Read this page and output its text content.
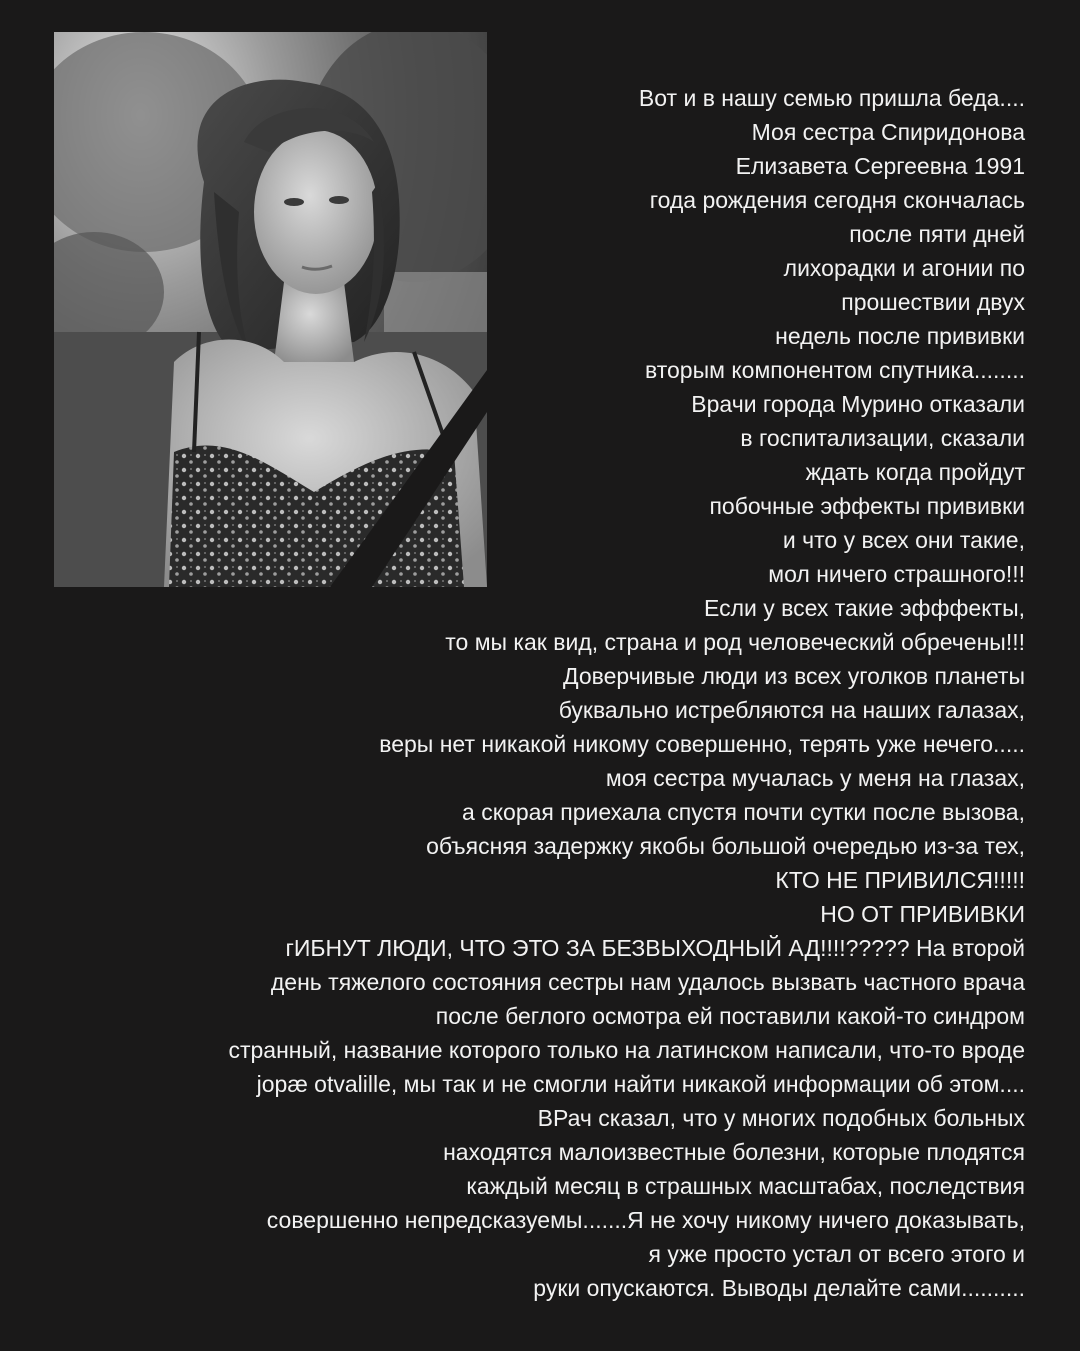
Вот и в нашу семью пришла беда....
Моя сестра Спиридонова
Елизавета Сергеевна 1991
года рождения сегодня скончалась
после пяти дней
лихорадки и агонии по
прошествии двух
недель после прививки
вторым компонентом спутника........
Врачи города Мурино отказали
в госпитализации, сказали
ждать когда пройдут
побочные эффекты прививки
и что у всех они такие,
мол ничего страшного!!!
Если у всех такие эфффекты,
то мы как вид, страна и род человеческий обречены!!!
Доверчивые люди из всех уголков планеты
буквально истребляются на наших галазах,
веры нет никакой никому совершенно, терять уже нечего.....
моя сестра мучалась у меня на глазах,
а скорая приехала спустя почти сутки после вызова,
объясняя задержку якобы большой очередью из-за тех,
КТО НЕ ПРИВИЛСЯ!!!!!
НО ОТ ПРИВИВКИ
гИБНУТ ЛЮДИ, ЧТО ЭТО ЗА БЕЗВЫХОДНЫЙ АД!!!!????? На второй
день тяжелого состояния сестры нам удалось вызвать частного врача
после беглого осмотра ей поставили какой-то синдром
странный, название которого только на латинском написали, что-то вроде
jopæ otvalille, мы так и не смогли найти никакой информации об этом....
ВРач сказал, что у многих подобных больных
находятся малоизвестные болезни, которые плодятся
каждый месяц в страшных масштабах, последствия
совершенно непредсказуемы.......Я не хочу никому ничего доказывать,
я уже просто устал от всего этого и
руки опускаются. Выводы делайте сами..........
